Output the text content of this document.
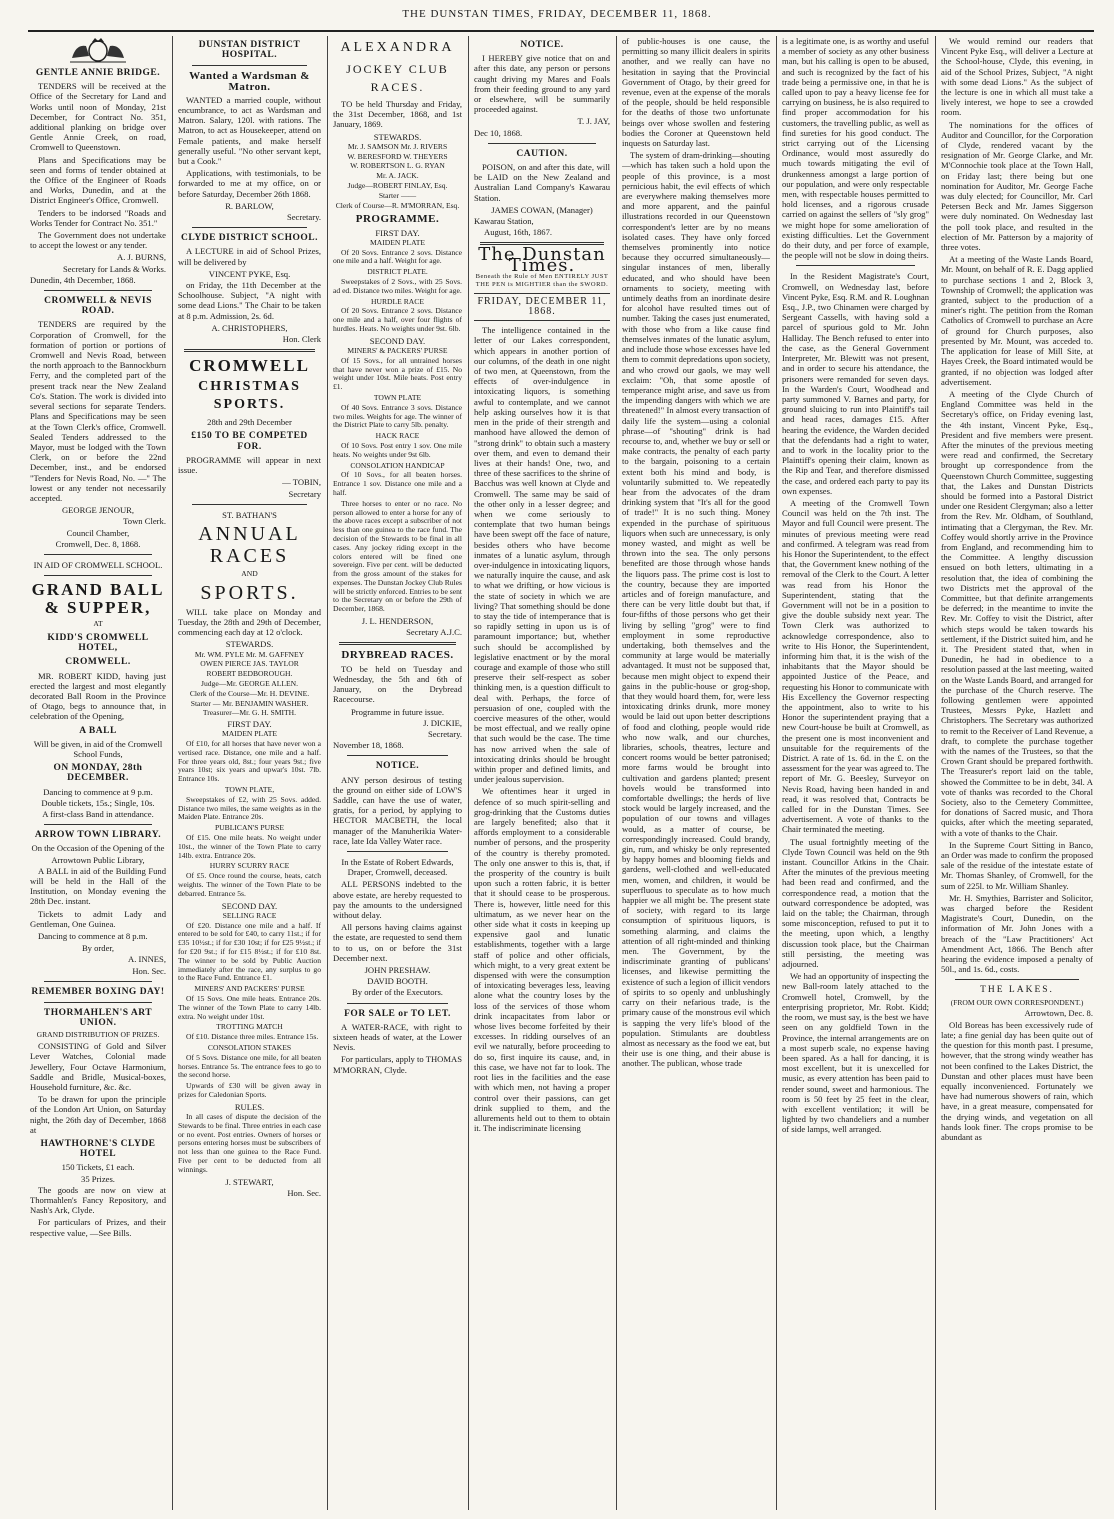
THE DUNSTAN TIMES, FRIDAY, DECEMBER 11, 1868.
GENTLE ANNIE BRIDGE.

TENDERS will be received at the Office of the Secretary for Land and Works until noon of Monday, 21st December, for Contract No. 351, additional planking on bridge over Gentle Annie Creek, on road, Cromwell to Queenstown.

Plans and Specifications may be seen and forms of tender obtained at the Office of the Engineer of Roads and Works, Dunedin, and at the District Engineer's Office, Cromwell.

Tenders to be indorsed "Roads and Works Tender for Contract No. 351."

The Government does not undertake to accept the lowest or any tender.

A. J. BURNS,
Secretary for Lands & Works.
Dunedin, 4th December, 1868.
CROMWELL & NEVIS ROAD.

TENDERS are required by the Corporation of Cromwell, for the formation of portion or portions of Cromwell and Nevis Road, between the north approach to the Bannockburn Ferry, and the completed part of the present track near the New Zealand Co's. Station. The work is divided into several sections for separate Tenders. Plans and Specifications may be seen at the Town Clerk's office, Cromwell. Sealed Tenders addressed to the Mayor, must be lodged with the Town Clerk, on or before the 22nd December, inst., and be endorsed "Tenders for Nevis Road, No. —" The lowest or any tender not necessarily accepted.

GEORGE JENOUR,
Town Clerk.
Council Chamber,
Cromwell, Dec. 8, 1868.
IN AID OF CROMWELL SCHOOL.
GRAND BALL & SUPPER,
AT
KIDD'S CROMWELL HOTEL,
CROMWELL.

MR. ROBERT KIDD, having just erected the largest and most elegantly decorated Ball Room in the Province of Otago, begs to announce that, in celebration of the Opening,

A BALL

Will be given, in aid of the Cromwell School Funds,

ON MONDAY, 28th DECEMBER.
Dancing to commence at 9 p.m.
Double tickets, 15s.; Single, 10s.
A first-class Band in attendance.
ARROW TOWN LIBRARY.
On the Occasion of the Opening of the
Arrowtown Public Library,

A BALL in aid of the Building Fund will be held in the Hall of the Institution, on Monday evening the 28th Dec. instant.

Tickets to admit Lady and Gentleman, One Guinea.

Dancing to commence at 8 p.m.

By order,
A. INNES,
Hon. Sec.
REMEMBER BOXING DAY!
THORMAHLEN'S ART UNION.
GRAND DISTRIBUTION OF PRIZES.

CONSISTING of Gold and Silver Lever Watches, Colonial made Jewellery, Four Octave Harmonium, Saddle and Bridle, Musical-boxes, Household furniture, &c. &c.

To be drawn for upon the principle of the London Art Union, on Saturday night, the 26th day of December, 1868 at

HAWTHORNE'S CLYDE HOTEL
150 Tickets, £1 each.
35 Prizes.

The goods are now on view at Thormahlen's Fancy Repository, and Nash's Ark, Clyde.

For particulars of Prizes, and their respective value, —See Bills.

DUNSTAN DISTRICT HOSPITAL.
Wanted a Wardsman & Matron.

WANTED a married couple, without encumbrance, to act as Wardsman and Matron. Salary, 120l. with rations. The Matron, to act as Housekeeper, attend on Female patients, and make herself generally useful. "No other servant kept, but a Cook."

Applications, with testimonials, to be forwarded to me at my office, on or before Saturday, December 26th 1868.

R. BARLOW,
Secretary.
CLYDE DISTRICT SCHOOL.

A LECTURE in aid of School Prizes, will be delivered by

VINCENT PYKE, Esq.

on Friday, the 11th December at the Schoolhouse. Subject, "A night with some dead Lions." The Chair to be taken at 8 p.m. Admission, 2s. 6d.

A. CHRISTOPHERS,
Hon. Clerk
CROMWELL
CHRISTMAS SPORTS.
28th and 29th December
£150 TO BE COMPETED FOR.

PROGRAMME will appear in next issue.

— TOBIN,
Secretary
ST. BATHAN'S
ANNUAL RACES
AND
SPORTS.

WILL take place on Monday and Tuesday, the 28th and 29th of December, commencing each day at 12 o'clock.

STEWARDS.
Mr. WM. PYLE Mr. M. GAFFNEY
OWEN PIERCE JAS. TAYLOR
ROBERT BEDBOROUGH.
Judge—Mr. GEORGE ALLEN.
Clerk of the Course—Mr. H. DEVINE.
Starter — Mr. BENJAMIN WASHER.
Treasurer—Mr. G. H. SMITH.
FIRST DAY.
MAIDEN PLATE

Of £10, for all horses that have never won a vertised race. Distance, one mile and a half. For three years old, 8st.; four years 9st.; five years 10st; six years and upwar's 10st. 7lb. Entrance 10s.

TOWN PLATE,

Sweepstakes of £2, with 25 Sovs. added. Distance two miles, the same weights as in the Maiden Plate. Entrance 20s.

PUBLICAN'S PURSE

Of £15. One mile heats. No weight under 10st., the winner of the Town Plate to carry 14lb. extra. Entrance 20s.

HURRY SCURRY RACE

Of £5. Once round the course, heats, catch weights. The winner of the Town Plate to be debarred. Entrance 5s.

SECOND DAY.
SELLING RACE

Of £20. Distance one mile and a half. If entered to be sold for £40, to carry 11st.; if for £35 10½st.; if for £30 10st; if for £25 9½st.; if for £20 9st.; if for £15 8½st.; if for £10 8st. The winner to be sold by Public Auction immediately after the race, any surplus to go to the Race Fund. Entrance £1.

MINERS' AND PACKERS' PURSE

Of 15 Sovs. One mile heats. Entrance 20s. The winner of the Town Plate to carry 14lb. extra. No weight under 10st.

TROTTING MATCH

Of £10. Distance three miles. Entrance 15s.

CONSOLATION STAKES

Of 5 Sovs. Distance one mile, for all beaten horses. Entrance 5s. The entrance fees to go to the second horse.

Upwards of £30 will be given away in prizes for Caledonian Sports.

RULES.

In all cases of dispute the decision of the Stewards to be final. Three entries in each case or no event. Post entries. Owners of horses or persons entering horses must be subscribers of not less than one guinea to the Race Fund. Five per cent to be deducted from all winnings.

J. STEWART,
Hon. Sec.
ALEXANDRA
JOCKEY CLUB RACES.

TO be held Thursday and Friday, the 31st December, 1868, and 1st January, 1869.

STEWARDS.
Mr. J. SAMSON Mr. J. RIVERS
W. BERESFORD W. THEYERS
W. ROBERTSON L. G. RYAN
Mr. A. JACK.
Judge—ROBERT FINLAY, Esq.
Starter ——
Clerk of Course—R. M'MORRAN, Esq.
PROGRAMME.
FIRST DAY.
MAIDEN PLATE

Of 20 Sovs. Entrance 2 sovs. Distance one mile and a half. Weight for age.

DISTRICT PLATE.

Sweepstakes of 2 Sovs., with 25 Sovs. ad ed. Distance two miles. Weight for age.

HURDLE RACE

Of 20 Sovs. Entrance 2 sovs. Distance one mile and a half, over four flights of hurdles. Heats. No weights under 9st. 6lb.

SECOND DAY.
MINERS' & PACKERS' PURSE

Of 15 Sovs., for all untrained horses that have never won a prize of £15. No weight under 10st. Mile heats. Post entry £1.

TOWN PLATE

Of 40 Sovs. Entrance 3 sovs. Distance two miles. Weights for age. The winner of the District Plate to carry 5lb. penalty.

HACK RACE

Of 10 Sovs. Post entry 1 sov. One mile heats. No weights under 9st 6lb.

CONSOLATION HANDICAP

Of 10 Sovs., for all beaten horses. Entrance 1 sov. Distance one mile and a half.

Three horses to enter or no race. No person allowed to enter a horse for any of the above races except a subscriber of not less than one guinea to the race fund. The decision of the Stewards to be final in all cases. Any jockey riding except in the colors entered will be fined one sovereign. Five per cent. will be deducted from the gross amount of the stakes for expenses. The Dunstan Jockey Club Rules will be strictly enforced. Entries to be sent to the Secretary on or before the 29th of December, 1868.

J. L. HENDERSON,
Secretary A.J.C.
DRYBREAD RACES.

TO be held on Tuesday and Wednesday, the 5th and 6th of January, on the Drybread Racecourse.

Programme in future issue.
J. DICKIE,
Secretary.
November 18, 1868.
NOTICE.

ANY person desirous of testing the ground on either side of LOW'S Saddle, can have the use of water, gratis, for a period, by applying to HECTOR MACBETH, the local manager of the Manuherikia Water-race, late Ida Valley Water race.

In the Estate of Robert Edwards, Draper, Cromwell, deceased.

ALL PERSONS indebted to the above estate, are hereby requested to pay the amounts to the undersigned without delay.

All persons having claims against the estate, are requested to send them to to us, on or before the 31st December next.

JOHN PRESHAW.
DAVID BOOTH.
By order of the Executors.
FOR SALE or TO LET.

A WATER-RACE, with right to sixteen heads of water, at the Lower Nevis.

For particulars, apply to THOMAS M'MORRAN, Clyde.

NOTICE.

I HEREBY give notice that on and after this date, any person or persons caught driving my Mares and Foals from their feeding ground to any yard or elsewhere, will be summarily proceeded against.

T. J. JAY,
Dec 10, 1868.
CAUTION.

POISON, on and after this date, will be LAID on the New Zealand and Australian Land Company's Kawarau Station.

JAMES COWAN, (Manager)
Kawarau Station,
August, 16th, 1867.
The Dunstan Times.
Beneath the Rule of Men ENTIRELY JUST
THE PEN is MIGHTIER than the SWORD.
FRIDAY, DECEMBER 11, 1868.

The intelligence contained in the letter of our Lakes correspondent, which appears in another portion of our columns, of the death in one night of two men, at Queenstown, from the effects of over-indulgence in intoxicating liquors, is something awful to contemplate, and we cannot help asking ourselves how it is that men in the pride of their strength and manhood have allowed the demon of "strong drink" to obtain such a mastery over them, and even to demand their lives at their hands! One, two, and three of these sacrifices to the shrine of Bacchus was well known at Clyde and Cromwell. The same may be said of the other only in a lesser degree; and when we come seriously to contemplate that two human beings have been swept off the face of nature, besides others who have become inmates of a lunatic asylum, through over-indulgence in intoxicating liquors, we naturally inquire the cause, and ask to what we drifting, or how vicious is the state of society in which we are living? That something should be done to stay the tide of intemperance that is so rapidly setting in upon us is of paramount importance; but, whether such should be accomplished by legislative enactment or by the moral courage and example of those who still preserve their self-respect as sober thinking men, is a question difficult to deal with. Perhaps, the force of persuasion of one, coupled with the coercive measures of the other, would be most effectual, and we really opine that such would be the case. The time has now arrived when the sale of intoxicating drinks should be brought within proper and defined limits, and under jealous supervision.

We oftentimes hear it urged in defence of so much spirit-selling and grog-drinking that the Customs duties are largely benefited; also that it affords employment to a considerable number of persons, and the prosperity of the country is thereby promoted. The only one answer to this is, that, if the prosperity of the country is built upon such a rotten fabric, it is better that it should cease to be prosperous. There is, however, little need for this ultimatum, as we never hear on the other side what it costs in keeping up expensive gaol and lunatic establishments, together with a large staff of police and other officials, which might, to a very great extent be dispensed with were the consumption of intoxicating beverages less, leaving alone what the country loses by the loss of the services of those whom drink incapacitates from labor or whose lives become forfeited by their excesses. In ridding ourselves of an evil we naturally, before proceeding to do so, first inquire its cause, and, in this case, we have not far to look. The root lies in the facilities and the ease with which men, not having a proper control over their passions, can get drink supplied to them, and the allurements held out to them to obtain it. The indiscriminate licensing

of public-houses is one cause, the permitting so many illicit dealers in spirits another, and we really can have no hesitation in saying that the Provincial Government of Otago, by their greed for revenue, even at the expense of the morals of the people, should be held responsible for the deaths of those two unfortunate beings over whose swollen and festering bodies the Coroner at Queenstown held inquests on Saturday last.

The system of dram-drinking—shouting—which has taken such a hold upon the people of this province, is a most pernicious habit, the evil effects of which are everywhere making themselves more and more apparent, and the painful illustrations recorded in our Queenstown correspondent's letter are by no means isolated cases. They have only forced themselves prominently into notice because they occurred simultaneously—singular instances of men, liberally educated, and who should have been ornaments to society, meeting with untimely deaths from an inordinate desire for alcohol have resulted times out of number. Taking the cases just enumerated, with those who from a like cause find themselves inmates of the lunatic asylum, and include those whose excesses have led them to commit depredations upon society, and who crowd our gaols, we may well exclaim: "Oh, that some apostle of temperance might arise, and save us from the impending dangers with which we are threatened!" In almost every transaction of daily life the system—using a colonial phrase—of "shouting" drink is had recourse to, and, whether we buy or sell or make contracts, the penalty of each party to the bargain, poisoning to a certain extent both his mind and body, is voluntarily submitted to. We repeatedly hear from the advocates of the dram drinking system that "It's all for the good of trade!" It is no such thing. Money expended in the purchase of spirituous liquors when such are unnecessary, is only money wasted, and might as well be thrown into the sea. The only persons benefited are those through whose hands the liquors pass. The prime cost is lost to the country, because they are imported articles and of foreign manufacture, and there can be very little doubt but that, if four-fifths of those persons who get their living by selling "grog" were to find employment in some reproductive undertaking, both themselves and the community at large would be materially advantaged. It must not be supposed that, because men might object to expend their gains in the public-house or grog-shop, that they would hoard them, for, were less intoxicating drinks drunk, more money would be laid out upon better descriptions of food and clothing, people would ride who now walk, and our churches, libraries, schools, theatres, lecture and concert rooms would be better patronised; more farms would be brought into cultivation and gardens planted; present hovels would be transformed into comfortable dwellings; the herds of live stock would be largely increased, and the population of our towns and villages would, as a matter of course, be correspondingly increased. Could brandy, gin, rum, and whisky be only represented by happy homes and blooming fields and gardens, well-clothed and well-educated men, women, and children, it would be superfluous to speculate as to how much happier we all might be. The present state of society, with regard to its large consumption of spirituous liquors, is something alarming, and claims the attention of all right-minded and thinking men. The Government, by the indiscriminate granting of publicans' licenses, and likewise permitting the existence of such a legion of illicit vendors of spirits to so openly and unblushingly carry on their nefarious trade, is the primary cause of the monstrous evil which is sapping the very life's blood of the population. Stimulants are doubtless almost as necessary as the food we eat, but their use is one thing, and their abuse is another. The publican, whose trade

is a legitimate one, is as worthy and useful a member of society as any other business man, but his calling is open to be abused, and such is recognized by the fact of his trade being a permissive one, in that he is called upon to pay a heavy license fee for carrying on business, he is also required to find proper accommodation for his customers, the travelling public, as well as find sureties for his good conduct. The strict carrying out of the Licensing Ordinance, would most assuredly do much towards mitigating the evil of drunkenness amongst a large portion of our population, and were only respectable men, with respectable houses permitted to hold licenses, and a rigorous crusade carried on against the sellers of "sly grog" we might hope for some amelioration of existing difficulties. Let the Government do their duty, and per force of example, the people will not be slow in doing theirs.

In the Resident Magistrate's Court, Cromwell, on Wednesday last, before Vincent Pyke, Esq. R.M. and R. Loughnan Esq., J.P., two Chinamen were charged by Sergeant Cassells, with having sold a parcel of spurious gold to Mr. John Halliday. The Bench refused to enter into the case, as the General Government Interpreter, Mr. Blewitt was not present, and in order to secure his attendance, the prisoners were remanded for seven days. In the Warden's Court, Woodhead and party summoned V. Barnes and party, for ground sluicing to run into Plaintiff's tail and head races, damages £15. After hearing the evidence, the Warden decided that the defendants had a right to water, and to work in the locality prior to the Plaintiff's opening their claim, known as the Rip and Tear, and therefore dismissed the case, and ordered each party to pay its own expenses.

A meeting of the Cromwell Town Council was held on the 7th inst. The Mayor and full Council were present. The minutes of previous meeting were read and confirmed. A telegram was read from his Honor the Superintendent, to the effect that, the Government knew nothing of the removal of the Clerk to the Court. A letter was read from his Honor the Superintendent, stating that the Government will not be in a position to give the double subsidy next year. The Town Clerk was authorized to acknowledge correspondence, also to write to His Honor, the Superintendent, informing him that, it is the wish of the inhabitants that the Mayor should be appointed Justice of the Peace, and requesting his Honor to communicate with His Excellency the Governor respecting the appointment, also to write to his Honor the superintendent praying that a new Court-house be built at Cromwell, as the present one is most inconvenient and unsuitable for the requirements of the District. A rate of 1s. 6d. in the £. on the assessment for the year was agreed to. The report of Mr. G. Beesley, Surveyor on Nevis Road, having been handed in and read, it was resolved that, Contracts be called for in the Dunstan Times. See advertisement. A vote of thanks to the Chair terminated the meeting.

The usual fortnightly meeting of the Clyde Town Council was held on the 9th instant. Councillor Atkins in the Chair. After the minutes of the previous meeting had been read and confirmed, and the correspondence read, a motion that the outward correspondence be adopted, was laid on the table; the Chairman, through some misconception, refused to put it to the meeting, upon which, a lengthy discussion took place, but the Chairman still persisting, the meeting was adjourned.

We had an opportunity of inspecting the new Ball-room lately attached to the Cromwell hotel, Cromwell, by the enterprising proprietor, Mr. Robt. Kidd; the room, we must say, is the best we have seen on any goldfield Town in the Province, the internal arrangements are on a most superb scale, no expense having been spared. As a hall for dancing, it is most excellent, but it is unexcelled for music, as every attention has been paid to render sound, sweet and harmonious. The room is 50 feet by 25 feet in the clear, with excellent ventilation; it will be lighted by two chandeliers and a number of side lamps, well arranged.

We would remind our readers that Vincent Pyke Esq., will deliver a Lecture at the School-house, Clyde, this evening, in aid of the School Prizes, Subject, "A night with some dead Lions." As the subject of the lecture is one in which all must take a lively interest, we hope to see a crowded room.

The nominations for the offices of Auditor and Councillor, for the Corporation of Clyde, rendered vacant by the resignation of Mr. George Clarke, and Mr. M'Connochie took place at the Town Hall, on Friday last; there being but one nomination for Auditor, Mr. George Fache was duly elected; for Councillor, Mr. Carl Petersen Beck and Mr. James Siggerson were duly nominated. On Wednesday last the poll took place, and resulted in the election of Mr. Patterson by a majority of three votes.

At a meeting of the Waste Lands Board, Mr. Mount, on behalf of R. E. Dagg applied to purchase sections 1 and 2, Block 3, Township of Cromwell; the application was granted, subject to the production of a miner's right. The petition from the Roman Catholics of Cromwell to purchase an Acre of ground for Church purposes, also presented by Mr. Mount, was acceded to. The application for lease of Mill Site, at Hayes Creek, the Board intimated would be granted, if no objection was lodged after advertisement.

A meeting of the Clyde Church of England Committee was held in the Secretary's office, on Friday evening last, the 4th instant, Vincent Pyke, Esq., President and five members were present. After the minutes of the previous meeting were read and confirmed, the Secretary brought up correspondence from the Queenstown Church Committee, suggesting that, the Lakes and Dunstan Districts should be formed into a Pastoral District under one Resident Clergyman; also a letter from the Rev. Mr. Oldham, of Southland, intimating that a Clergyman, the Rev. Mr. Coffey would shortly arrive in the Province from England, and recommending him to the Committee. A lengthy discussion ensued on both letters, ultimating in a resolution that, the idea of combining the two Districts met the approval of the Committee, but that definite arrangements be deferred; in the meantime to invite the Rev. Mr. Coffey to visit the District, after which steps would be taken towards his settlement, if the District suited him, and he it. The President stated that, when in Dunedin, he had in obedience to a resolution passed at the last meeting, waited on the Waste Lands Board, and arranged for the purchase of the Church reserve. The following gentlemen were appointed Trustees, Messrs Pyke, Hazlett and Christophers. The Secretary was authorized to remit to the Receiver of Land Revenue, a draft, to complete the purchase together with the names of the Trustees, so that the Crown Grant should be prepared forthwith. The Treasurer's report laid on the table, showed the Committee to be in debt, 34l. A vote of thanks was recorded to the Choral Society, also to the Cemetery Committee, for donations of Sacred music, and Thora quicks, after which the meeting separated, with a vote of thanks to the Chair.

In the Supreme Court Sitting in Banco, an Order was made to confirm the proposed sale of the residue of the intestate estate of Mr. Thomas Shanley, of Cromwell, for the sum of 225l. to Mr. William Shanley.

Mr. H. Smythies, Barrister and Solicitor, was charged before the Resident Magistrate's Court, Dunedin, on the information of Mr. John Jones with a breach of the "Law Practitioners' Act Amendment Act, 1866. The Bench after hearing the evidence imposed a penalty of 50l., and 1s. 6d., costs.

THE LAKES.
(FROM OUR OWN CORRESPONDENT.)
Arrowtown, Dec. 8.

Old Boreas has been excessively rude of late; a fine genial day has been quite out of the question for this month past. I presume, however, that the strong windy weather has not been confined to the Lakes District, the Dunstan and other places must have been equally inconvenienced. Fortunately we have had numerous showers of rain, which have, in a great measure, compensated for the drying winds, and vegetation on all hands look finer. The crops promise to be abundant as
